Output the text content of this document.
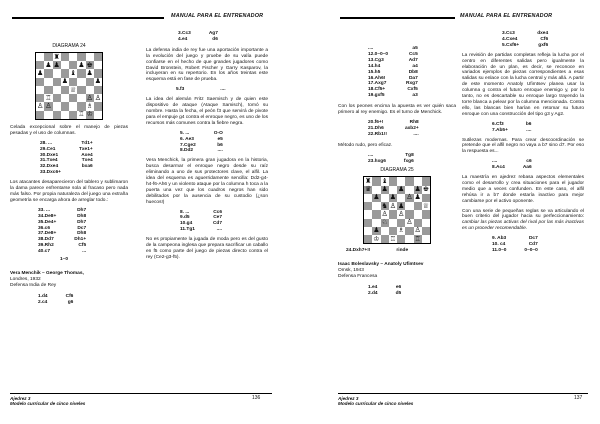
MANUAL PARA EL ENTRENADOR
DIAGRAMA 24
♜
♟ ♟	♟ ♚
♟	♝ ♟
♟	♟
♕
♖	♙ ♙
♙ ♙	♗
♖ ♔
Celada excepcional sobre el manejo de piezas pesadas y el uso de columnas.
28. ...	Td1+
29.Ce1	Txe1+
30.Dxe1	Axe4
31.Txe4	Txe4
32.Dxe4	bxa6
33.Dxc6+	
Los atacantes desaparecieron del tablero y sublimaron la dama parece enfrentarse sola al fracaso pero nada más falso. Por propia naturaleza del juego una extraña geometría se encarga ahora de arreglar todo.:
33. ...	Dh7
34.De8+	Dh8
35.De4+	Dh7
36.c6	Dc7
37.De8+	Dh8
38.Dd7	Dh1+
39.Rh2	Cf5
40.c7	...
1–0
Vera Menchik – George Thomas,
Londres, 1932
Defensa India de Rey
1.d4	Cf6
2.c4	g6
3.Cc3	Ag7
4.e4	d6
La defensa india de rey fue una aportación importante a la evolución del juego y pruebe de su valía puede confiarse en el hecho de que grandes jugadores como David Bronstein, Robert Fischer y Garry Kasparov, la incluyeran en su repertorio. En los años treintas este esquema está en fase de prueba.
5.f3	....
La idea del alemán Fritz Saemisch y de quien este dispositivo de ataque (Ataque Samisch), tomó su nombre. Hasta la fecha, el peón f3 que servirá de pivote para el empuje g4 contra el enroque negro, es uno de los recursos más comunes contra la fiebre negra.
5. ...	O-O
6. Ae3	e5
7.Cge2	b6
8.Dd2	....
Vera Menchick, la primera gran jugadora en la historia, busca desarmar el enroque negro desde su raíz eliminando a uno de sus protectores clave, el alfil. La idea del esquema es aguerridamente sencilla: Dd2-g4-h4-f6-Ah6 y un violento ataque por la columna h toca a la puerta una vez que los cuadros negros han sido debilitados por la ausencia de su custodio (¿son huecos!)
8. ...	Cc6
9.d5	Ce7
10.g4	Cd7
11.Tg1	....
No es propiamente la jugada de moda pero es del gusto de la campeona inglesa que prepara sacrificar un caballo en f5 como parte del juego de piezas directo contra el rey (Ce2-g3-f5).
Ajedrez 3
Modelo curricular de cinco niveles
136
MANUAL PARA EL ENTRENADOR
....	a5
12.0–0–0	Cc5
13.Cg3	Ad7
14.h4	a4
15.h5	Db8
16.Ah6!	Da7
17.Axg7	Rxg7
18.Cf5+	Cxf5
19.gxf5	a3
Con los peones encima la apuesta es ver quién saca primero al rey enemigo. Es el turno de Menchick.
20.f6+!	Rh8
21.Dh6	axb2+
22.Rb1!!	....
Método rudo, pero eficaz.
....	Tg8
23.hxg6	fxg6
DIAGRAMA 25
♜ ♝
♛ ♟ ♟ ♟ ♚
♟ ♟ ♙ ♟
♞ ♙ ♟	♕
♙ ♙
♘	♙
♟	♗ ♙
♔ ♖	♖
24.Dxh7+!!	rinde
Isaac Boleslavsky – Anatoly Ufimtsev
Omsk, 1943
Defensa Francesa
1.e4	e6
2.d4	d5
3.Cc3	dxe4
4.Cxe4	Cf6
5.Cxf6+	gxf6
La revisión de partidas completas refleja la lucha por el centro en diferentes salidas pero igualmente la elaboración de un plan, es decir, se reconoce en variados ejemplos de piezas correspondientes a esas salidas su enlace con la lucha central y más allá. A partir de este momento Anatoly Ufimtsev planea usar la columna g contra el futuro enroque enemigo y, por lo tanto, no es descartable su enroque largo trayendo la torre blanca a pelear por la columna mencionada. Contra ello, las blancas bien harían en retomar su futuro enroque con una construcción del tipo g3 y Ag2.
6.Cf3	b6
7.Ab5+	....
Sutilezas modernas. Para crear descoordinación se pretende que el alfil negro no vaya a b7 sino d7. Por eso la respuesta es...
....	c6
8.Ac4	Aa6
La maestría en ajedrez rebasa aspectos elementales como el desarrollo y crea situaciones para el jugador medio que a veces confunden. En este caso, el alfil rehúsa ir a b7 donde estaría inactivo para mejor cambiarse por el activo oponente.
Con una serie de pequeñas reglas se va articulando el buen criterio del jugador hacia su perfeccionamiento: cambiar las piezas activas del rival por las más inactivas es un proceder recomendable.
9. Ab3	Dc7
10. c4	Cd7
11.0–0	0–0–0
Ajedrez 3
Modelo curricular de cinco niveles
137
